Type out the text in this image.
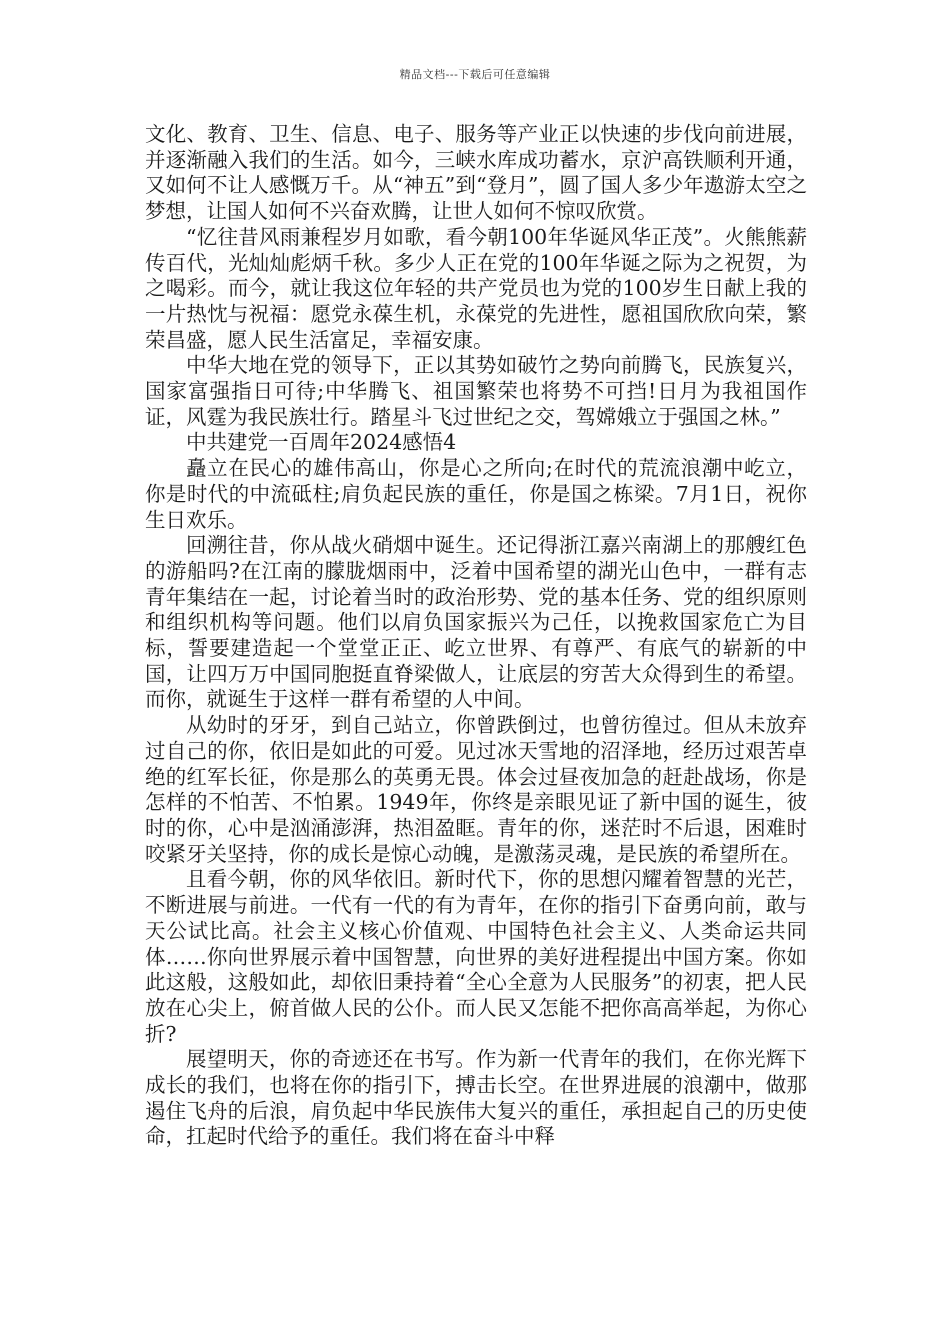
精品文档---下载后可任意编辑

文化、教育、卫生、信息、电子、服务等产业正以快速的步伐向前进展，并逐渐融入我们的生活。如今，三峡水库成功蓄水，京沪高铁顺利开通，又如何不让人感慨万千。从“神五”到“登月”，圆了国人多少年遨游太空之梦想，让国人如何不兴奋欢腾，让世人如何不惊叹欣赏。

“忆往昔风雨兼程岁月如歌，看今朝100年华诞风华正茂”。火熊熊薪传百代，光灿灿彪炳千秋。多少人正在党的100年华诞之际为之祝贺，为之喝彩。而今，就让我这位年轻的共产党员也为党的100岁生日献上我的一片热忱与祝福：愿党永葆生机，永葆党的先进性，愿祖国欣欣向荣，繁荣昌盛，愿人民生活富足，幸福安康。

中华大地在党的领导下，正以其势如破竹之势向前腾飞，民族复兴，国家富强指日可待;中华腾飞、祖国繁荣也将势不可挡!日月为我祖国作证，风霆为我民族壮行。踏星斗飞过世纪之交，驾嫦娥立于强国之林。”

中共建党一百周年2024感悟4

矗立在民心的雄伟高山，你是心之所向;在时代的荒流浪潮中屹立，你是时代的中流砥柱;肩负起民族的重任，你是国之栋梁。7月1日，祝你生日欢乐。

回溯往昔，你从战火硝烟中诞生。还记得浙江嘉兴南湖上的那艘红色的游船吗?在江南的朦胧烟雨中，泛着中国希望的湖光山色中，一群有志青年集结在一起，讨论着当时的政治形势、党的基本任务、党的组织原则和组织机构等问题。他们以肩负国家振兴为己任，以挽救国家危亡为目标，誓要建造起一个堂堂正正、屹立世界、有尊严、有底气的崭新的中国，让四万万中国同胞挺直脊梁做人，让底层的穷苦大众得到生的希望。而你，就诞生于这样一群有希望的人中间。

从幼时的牙牙，到自己站立，你曾跌倒过，也曾彷徨过。但从未放弃过自己的你，依旧是如此的可爱。见过冰天雪地的沼泽地，经历过艰苦卓绝的红军长征，你是那么的英勇无畏。体会过昼夜加急的赶赴战场，你是怎样的不怕苦、不怕累。1949年，你终是亲眼见证了新中国的诞生，彼时的你，心中是汹涌澎湃，热泪盈眶。青年的你，迷茫时不后退，困难时咬紧牙关坚持，你的成长是惊心动魄，是激荡灵魂，是民族的希望所在。

且看今朝，你的风华依旧。新时代下，你的思想闪耀着智慧的光芒，不断进展与前进。一代有一代的有为青年，在你的指引下奋勇向前，敢与天公试比高。社会主义核心价值观、中国特色社会主义、人类命运共同体……你向世界展示着中国智慧，向世界的美好进程提出中国方案。你如此这般，这般如此，却依旧秉持着“全心全意为人民服务”的初衷，把人民放在心尖上，俯首做人民的公仆。而人民又怎能不把你高高举起，为你心折?

展望明天，你的奇迹还在书写。作为新一代青年的我们，在你光辉下成长的我们，也将在你的指引下，搏击长空。在世界进展的浪潮中，做那遏住飞舟的后浪，肩负起中华民族伟大复兴的重任，承担起自己的历史使命，扛起时代给予的重任。我们将在奋斗中释
